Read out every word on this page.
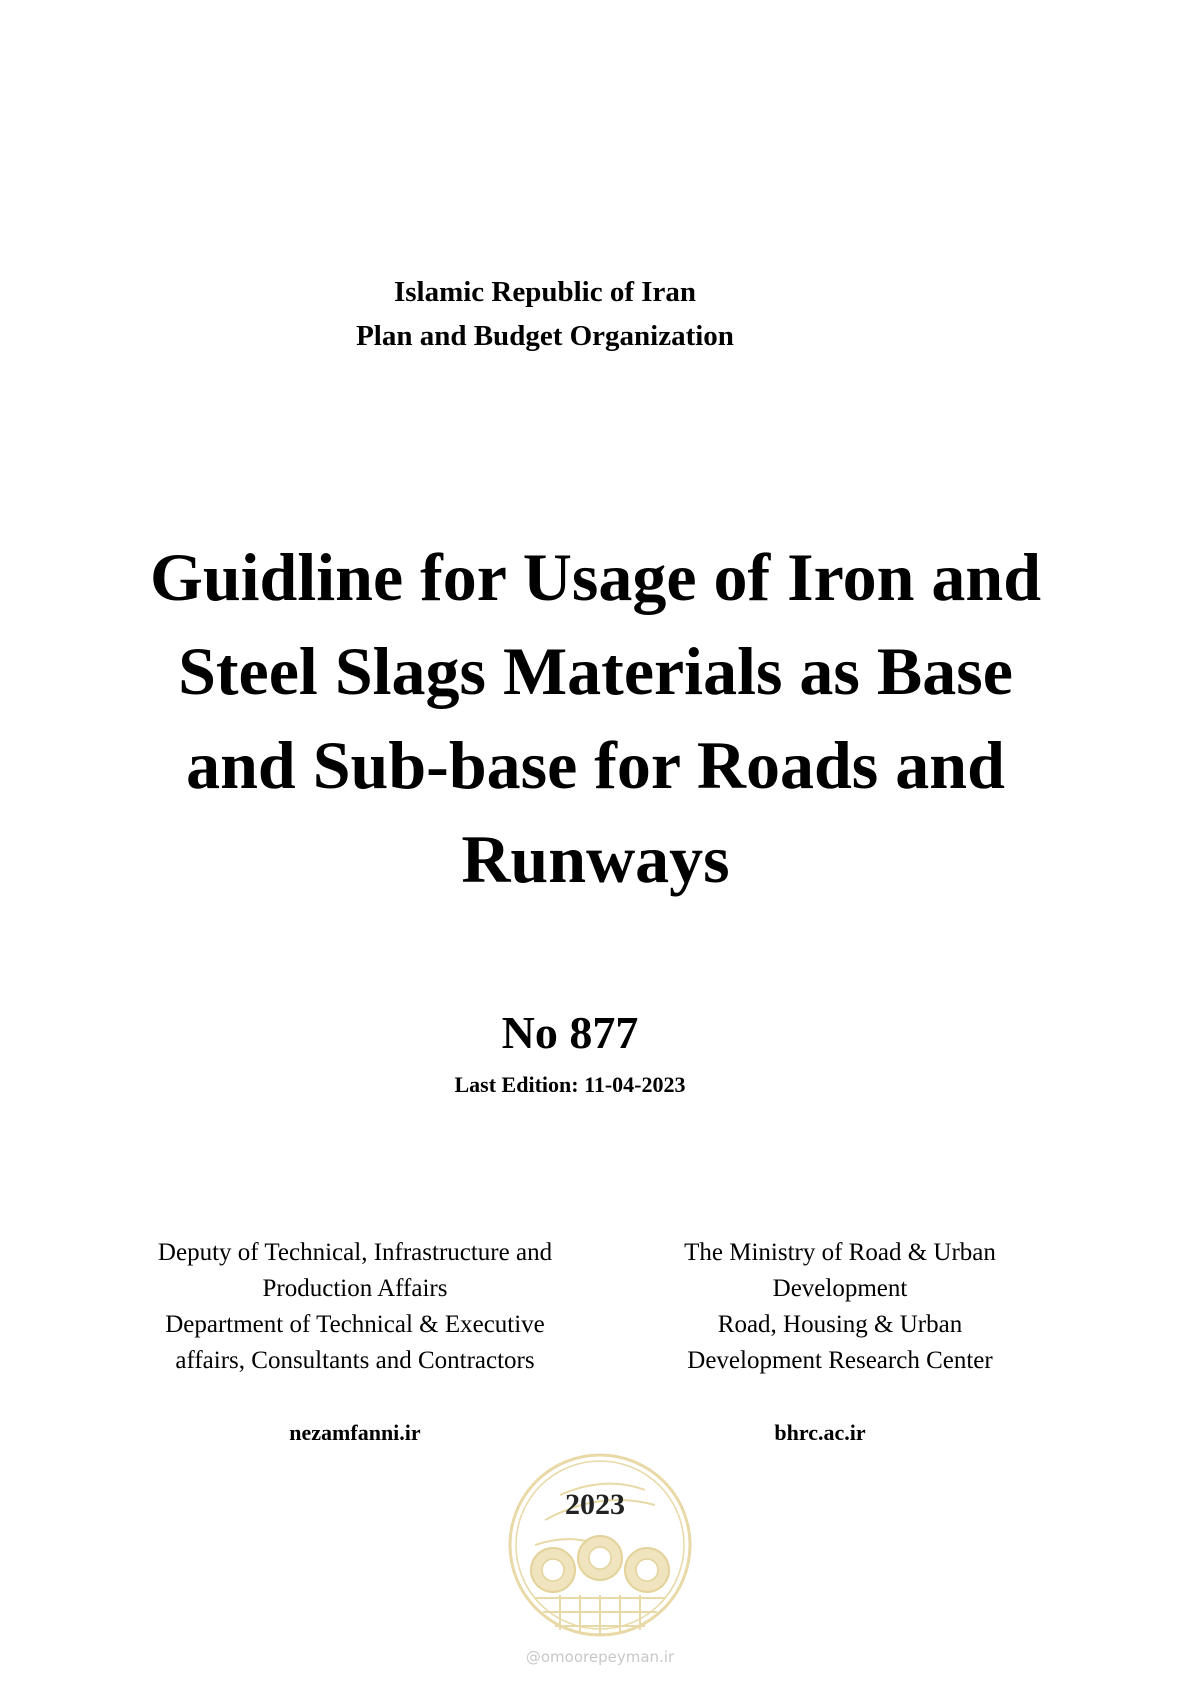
Islamic Republic of Iran
Plan and Budget Organization
Guidline for Usage of Iron and
Steel Slags Materials as Base
and Sub-base for Roads and
Runways
No 877
Last Edition: 11-04-2023
Deputy of Technical, Infrastructure and
Production Affairs
Department of Technical & Executive
affairs, Consultants and Contractors
The Ministry of Road & Urban
Development
Road, Housing & Urban
Development Research Center
nezamfanni.ir	bhrc.ac.ir
2023
@omoorepeyman.ir
